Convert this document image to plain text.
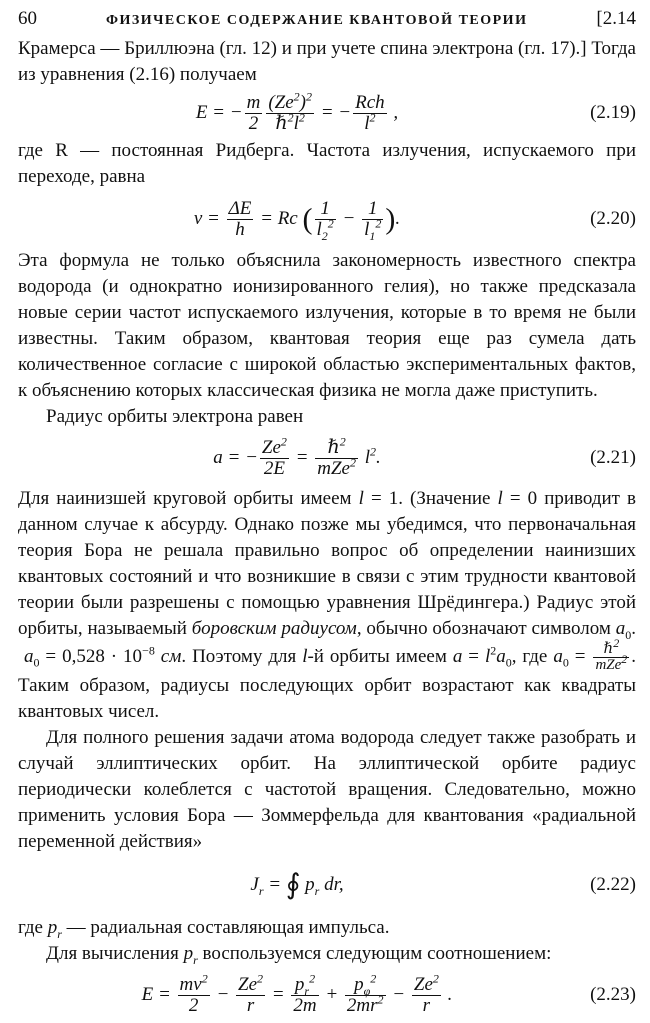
60	ФИЗИЧЕСКОЕ СОДЕРЖАНИЕ КВАНТОВОЙ ТЕОРИИ	[2.14

Крамерса — Бриллюэна (гл. 12) и при учете спина электрона (гл. 17).] Тогда из уравнения (2.16) получаем

E = − $\frac{m}{2} \frac{(Ze^2)^2}{\hbar^2l^2}$ = − $\frac{\text{Rch}}{l^2}$ ,	(2.19)

где R — постоянная Ридберга. Частота излучения, испускаемого при переходе, равна

$\nu = \frac{\Delta E}{h} = Rc$ ( $\frac{1}{l_2^2} - \frac{1}{l_1^2}$ ).	(2.20)

Эта формула не только объяснила закономерность известного спектра водорода (и однократно ионизированного гелия), но также предсказала новые серии частот испускаемого излучения, которые в то время не были известны. Таким образом, квантовая теория еще раз сумела дать количественное согласие с широкой областью экспериментальных фактов, к объяснению которых классическая физика не могла даже приступить.

Радиус орбиты электрона равен

a = − $\frac{Ze^2}{2E} = \frac{\hbar^2}{mZe^2} l^2$.	(2.21)

Для наинизшей круговой орбиты имеем l = 1. (Значение l = 0 приводит в данном случае к абсурду. Однако позже мы убедимся, что первоначальная теория Бора не решала правильно вопрос об определении наинизших квантовых состояний и что возникшие в связи с этим трудности квантовой теории были разрешены с помощью уравнения Шрёдингера.) Радиус этой орбиты, называемый боровским радиусом, обычно обозначают символом $a_0$.  $a_0 = 0,528 \cdot 10^{-8}$ см. Поэтому для l-й орбиты имеем $a = l^2a_0$, где $a_0 = \frac{\hbar^2}{mZe^2}$ . Таким образом, радиусы последующих орбит возрастают как квадраты квантовых чисел.

Для полного решения задачи атома водорода следует также разобрать и случай эллиптических орбит. На эллиптической орбите радиус периодически колеблется с частотой вращения. Следовательно, можно применить условия Бора — Зоммерфельда для квантования «радиальной переменной действия»

$J_r$ = ∮ $p_r$ dr,	(2.22)

где $p_r$ — радиальная составляющая импульса.

Для вычисления $p_r$ воспользуемся следующим соотношением:

$E = \frac{mv^2}{2} - \frac{Ze^2}{r} = \frac{p_r^2}{2m} + \frac{p_\varphi^2}{2mr^2} - \frac{Ze^2}{r}$ .	(2.23)
